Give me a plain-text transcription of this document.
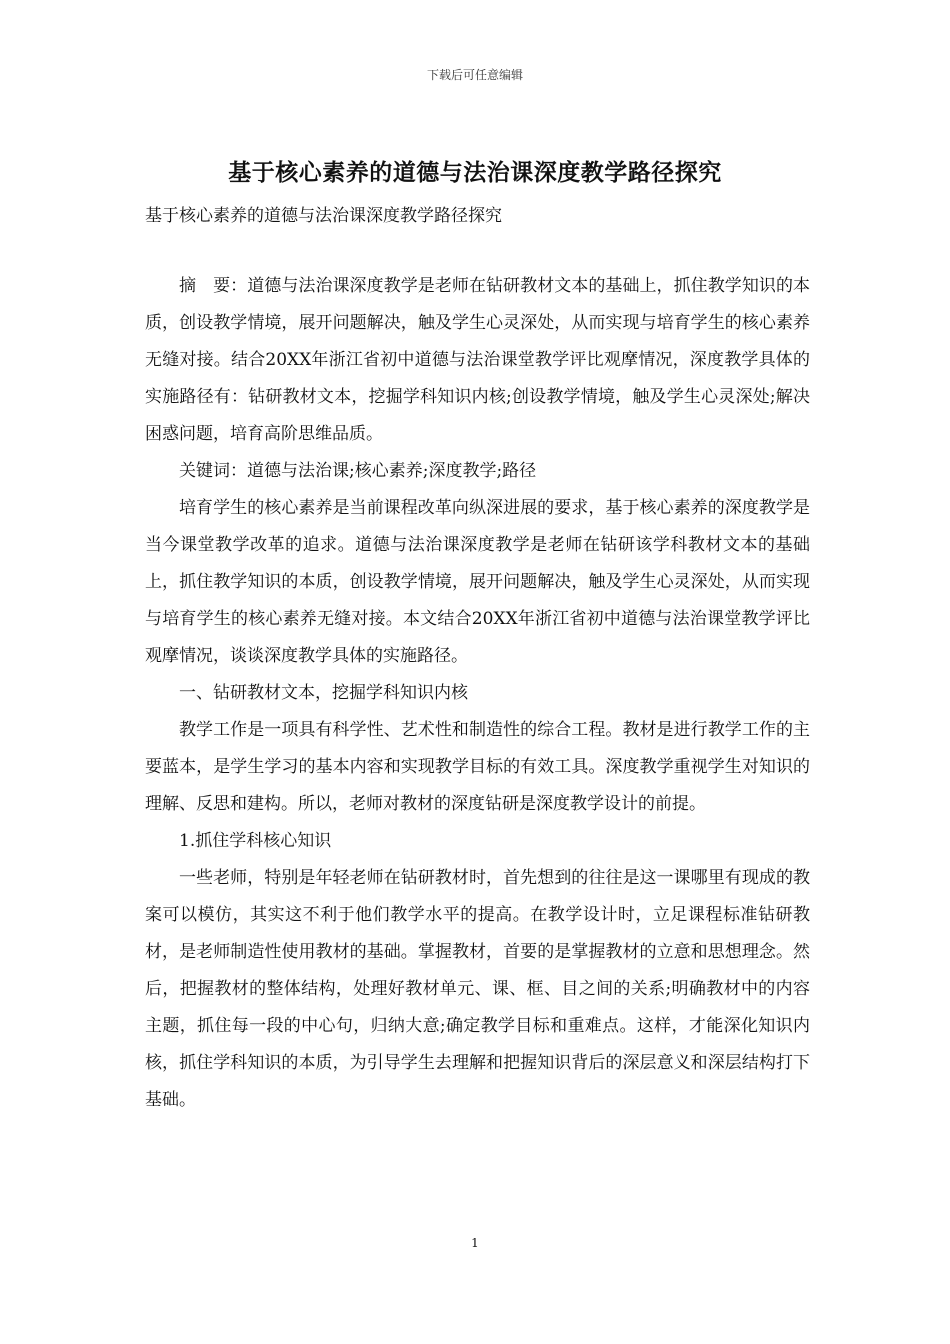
下载后可任意编辑
基于核心素养的道德与法治课深度教学路径探究
基于核心素养的道德与法治课深度教学路径探究

摘　要：道德与法治课深度教学是老师在钻研教材文本的基础上，抓住教学知识的本质，创设教学情境，展开问题解决，触及学生心灵深处，从而实现与培育学生的核心素养无缝对接。结合20XX年浙江省初中道德与法治课堂教学评比观摩情况，深度教学具体的实施路径有：钻研教材文本，挖掘学科知识内核;创设教学情境，触及学生心灵深处;解决困惑问题，培育高阶思维品质。

关键词：道德与法治课;核心素养;深度教学;路径

培育学生的核心素养是当前课程改革向纵深进展的要求，基于核心素养的深度教学是当今课堂教学改革的追求。道德与法治课深度教学是老师在钻研该学科教材文本的基础上，抓住教学知识的本质，创设教学情境，展开问题解决，触及学生心灵深处，从而实现与培育学生的核心素养无缝对接。本文结合20XX年浙江省初中道德与法治课堂教学评比观摩情况，谈谈深度教学具体的实施路径。

一、钻研教材文本，挖掘学科知识内核

教学工作是一项具有科学性、艺术性和制造性的综合工程。教材是进行教学工作的主要蓝本，是学生学习的基本内容和实现教学目标的有效工具。深度教学重视学生对知识的理解、反思和建构。所以，老师对教材的深度钻研是深度教学设计的前提。

1.抓住学科核心知识

一些老师，特别是年轻老师在钻研教材时，首先想到的往往是这一课哪里有现成的教案可以模仿，其实这不利于他们教学水平的提高。在教学设计时，立足课程标准钻研教材，是老师制造性使用教材的基础。掌握教材，首要的是掌握教材的立意和思想理念。然后，把握教材的整体结构，处理好教材单元、课、框、目之间的关系;明确教材中的内容主题，抓住每一段的中心句，归纳大意;确定教学目标和重难点。这样，才能深化知识内核，抓住学科知识的本质，为引导学生去理解和把握知识背后的深层意义和深层结构打下基础。

1
